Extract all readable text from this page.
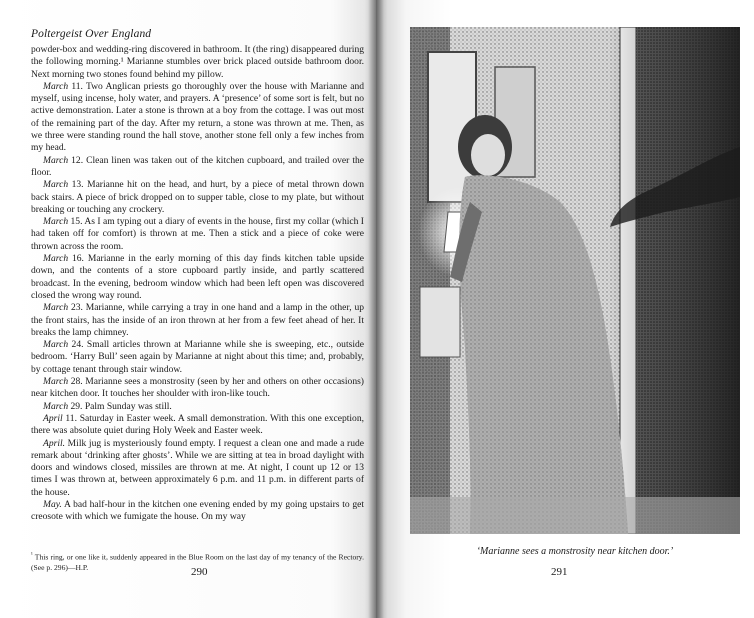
Poltergeist Over England

powder-box and wedding-ring discovered in bathroom. It (the ring) disappeared during the following morning.¹ Marianne stumbles over brick placed outside bathroom door. Next morning two stones found behind my pillow.

March 11. Two Anglican priests go thoroughly over the house with Marianne and myself, using incense, holy water, and prayers. A ‘presence’ of some sort is felt, but no active demonstration. Later a stone is thrown at a boy from the cottage. I was out most of the remaining part of the day. After my return, a stone was thrown at me. Then, as we three were standing round the hall stove, another stone fell only a few inches from my head.

March 12. Clean linen was taken out of the kitchen cupboard, and trailed over the floor.

March 13. Marianne hit on the head, and hurt, by a piece of metal thrown down back stairs. A piece of brick dropped on to supper table, close to my plate, but without breaking or touching any crockery.

March 15. As I am typing out a diary of events in the house, first my collar (which I had taken off for comfort) is thrown at me. Then a stick and a piece of coke were thrown across the room.

March 16. Marianne in the early morning of this day finds kitchen table upside down, and the contents of a store cupboard partly inside, and partly scattered broadcast. In the evening, bedroom window which had been left open was discovered closed the wrong way round.

March 23. Marianne, while carrying a tray in one hand and a lamp in the other, up the front stairs, has the inside of an iron thrown at her from a few feet ahead of her. It breaks the lamp chimney.

March 24. Small articles thrown at Marianne while she is sweeping, etc., outside bedroom. ‘Harry Bull’ seen again by Marianne at night about this time; and, probably, by cottage tenant through stair window.

March 28. Marianne sees a monstrosity (seen by her and others on other occasions) near kitchen door. It touches her shoulder with iron-like touch.

March 29. Palm Sunday was still.

April 11. Saturday in Easter week. A small demonstration. With this one exception, there was absolute quiet during Holy Week and Easter week.

April. Milk jug is mysteriously found empty. I request a clean one and made a rude remark about ‘drinking after ghosts’. While we are sitting at tea in broad daylight with doors and windows closed, missiles are thrown at me. At night, I count up 12 or 13 times I was thrown at, between approximately 6 p.m. and 11 p.m. in different parts of the house.

May. A bad half-hour in the kitchen one evening ended by my going upstairs to get creosote with which we fumigate the house. On my way

$^{^1}$ This ring, or one like it, suddenly appeared in the Blue Room on the last day of my tenancy of the Rectory. (See p. 296)—H.P.	290
‘Marianne sees a monstrosity near kitchen door.’
291
